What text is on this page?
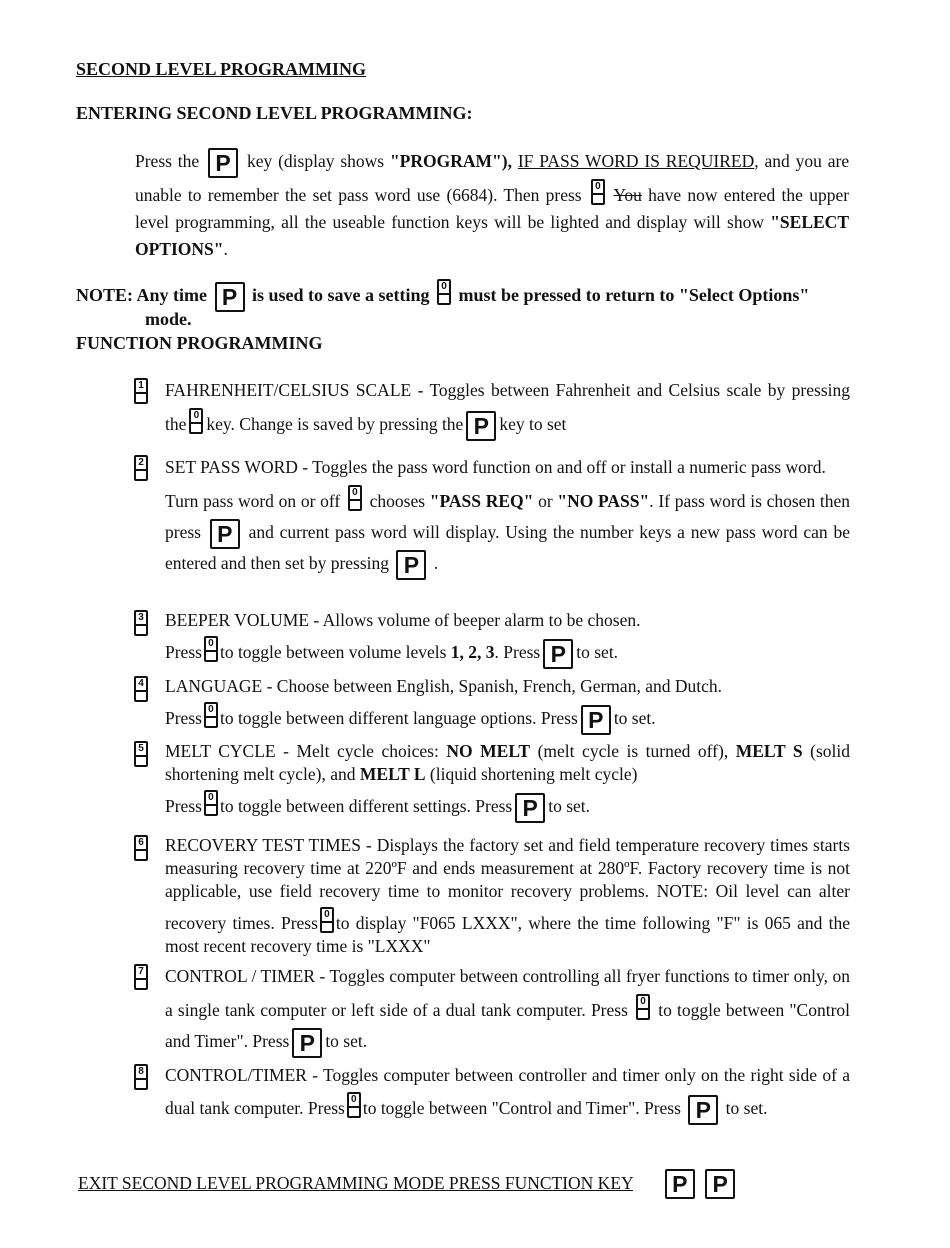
SECOND LEVEL PROGRAMMING
ENTERING SECOND LEVEL PROGRAMMING:
Press the P key (display shows "PROGRAM"), IF PASS WORD IS REQUIRED, and you are unable to remember the set pass word use (6684). Then press 0 You have now entered the upper level programming, all the useable function keys will be lighted and display will show "SELECT OPTIONS".
NOTE: Any time P is used to save a setting 0 must be pressed to return to "Select Options"
mode.
FUNCTION PROGRAMMING
1 FAHRENHEIT/CELSIUS SCALE - Toggles between Fahrenheit and Celsius scale by pressing the 0 key. Change is saved by pressing the P key to set
2 SET PASS WORD - Toggles the pass word function on and off or install a numeric pass word.
Turn pass word on or off 0 chooses "PASS REQ" or "NO PASS". If pass word is chosen then press P and current pass word will display. Using the number keys a new pass word can be entered and then set by pressing P .
3 BEEPER VOLUME - Allows volume of beeper alarm to be chosen.
Press 0 to toggle between volume levels 1, 2, 3. Press P to set.
4 LANGUAGE - Choose between English, Spanish, French, German, and Dutch.
Press 0 to toggle between different language options. Press P to set.
5 MELT CYCLE - Melt cycle choices: NO MELT (melt cycle is turned off), MELT S (solid shortening melt cycle), and MELT L (liquid shortening melt cycle)
Press 0 to toggle between different settings. Press P to set.
6 RECOVERY TEST TIMES - Displays the factory set and field temperature recovery times starts measuring recovery time at 220ºF and ends measurement at 280ºF. Factory recovery time is not applicable, use field recovery time to monitor recovery problems. NOTE: Oil level can alter recovery times. Press 0 to display "F065 LXXX", where the time following "F" is 065 and the most recent recovery time is "LXXX"
7 CONTROL / TIMER - Toggles computer between controlling all fryer functions to timer only, on a single tank computer or left side of a dual tank computer. Press 0 to toggle between "Control and Timer". Press P to set.
8 CONTROL/TIMER - Toggles computer between controller and timer only on the right side of a dual tank computer. Press 0 to toggle between "Control and Timer". Press P to set.
EXIT SECOND LEVEL PROGRAMMING MODE PRESS FUNCTION KEY P P
